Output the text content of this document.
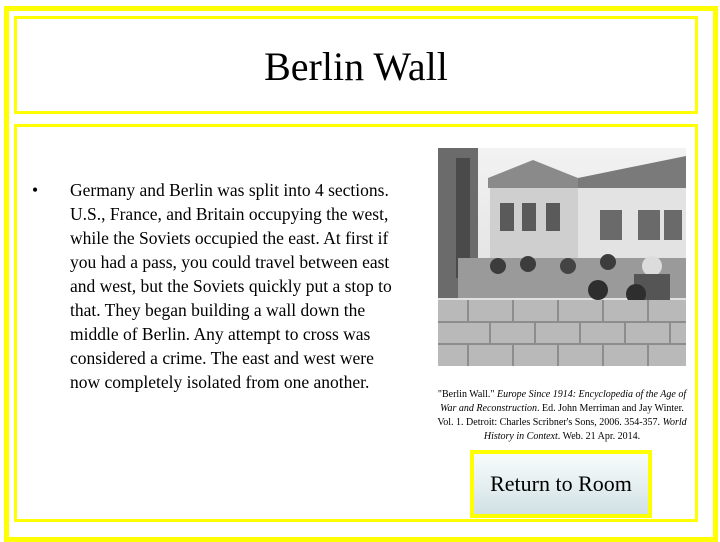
Berlin Wall
•	Germany and Berlin was split into 4 sections. U.S., France, and Britain occupying the west, while the Soviets occupied the east. At first if you had a pass, you could travel between east and west, but the Soviets quickly put a stop to that. They began building a wall down the middle of Berlin. Any attempt to cross was considered a crime. The east and west were now completely isolated from one another.
"Berlin Wall." Europe Since 1914: Encyclopedia of the Age of War and Reconstruction. Ed. John Merriman and Jay Winter. Vol. 1. Detroit: Charles Scribner's Sons, 2006. 354-357. World History in Context. Web. 21 Apr. 2014.
Return to Room
